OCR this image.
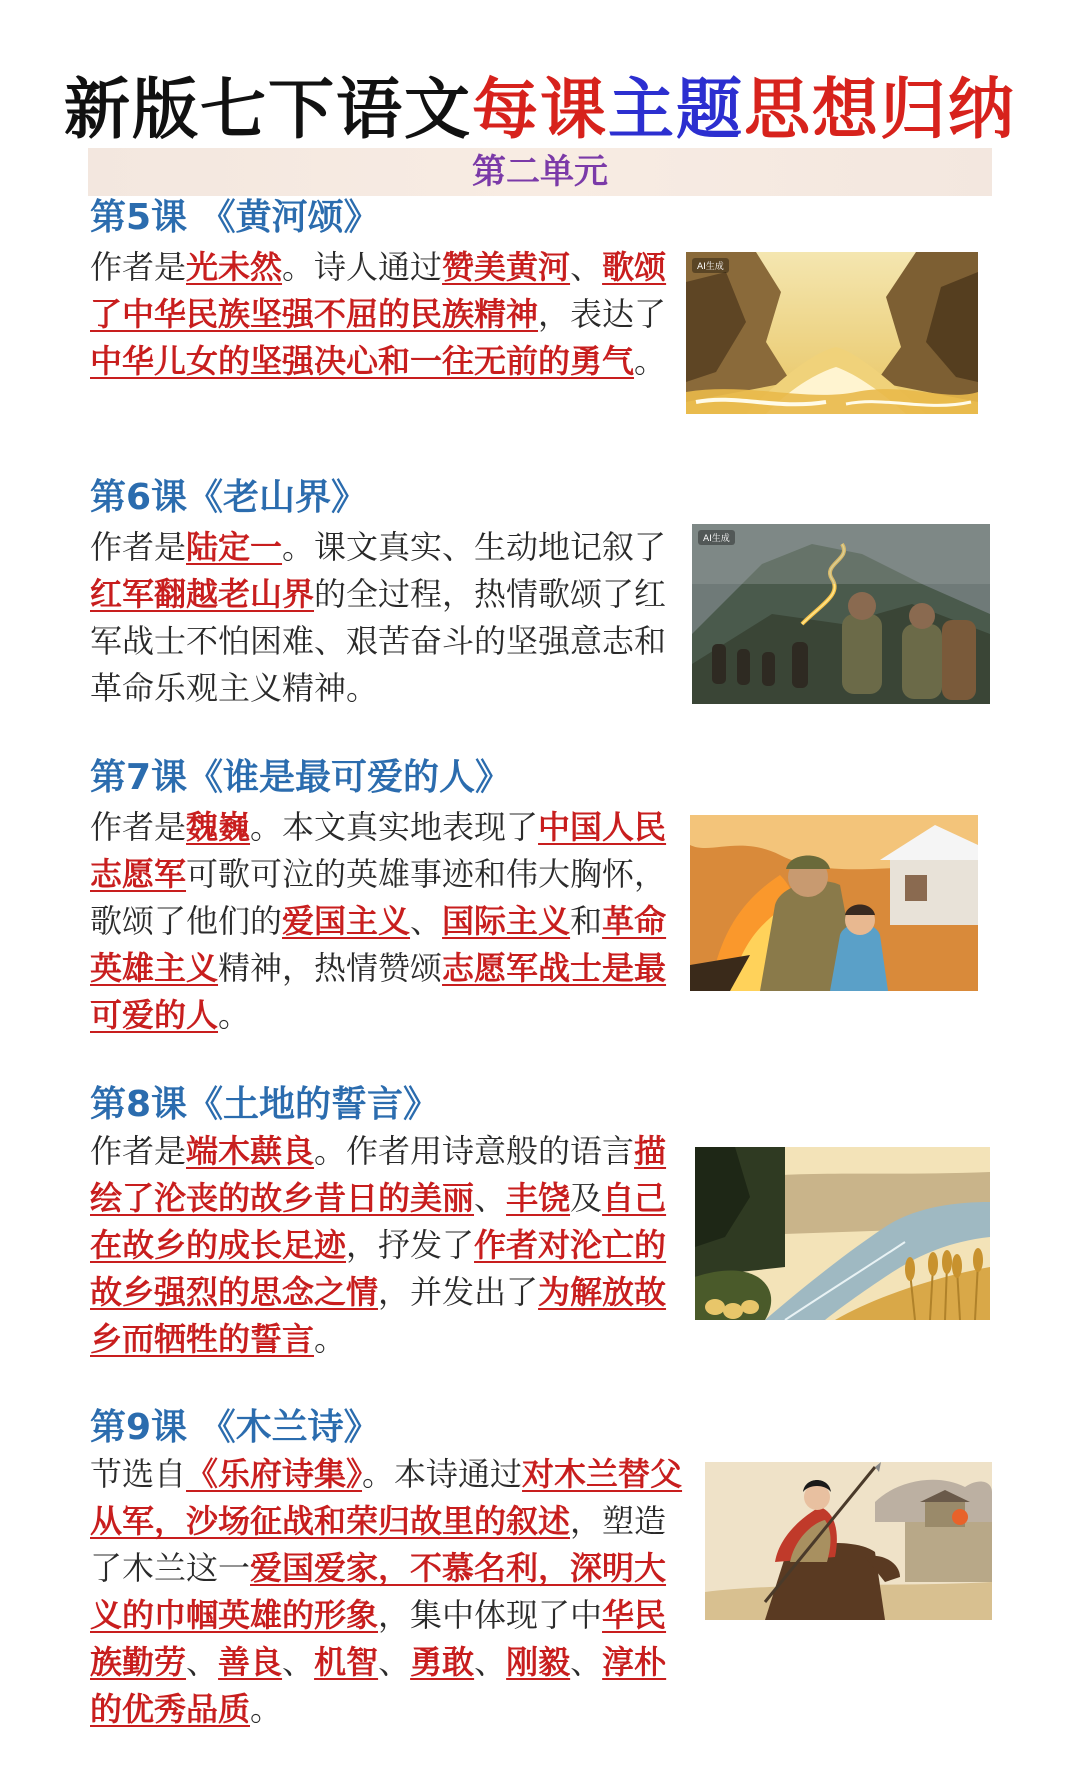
新版七下语文每课主题思想归纳
第二单元
第5课 《黄河颂》
作者是光未然。诗人通过赞美黄河、歌颂了中华民族坚强不屈的民族精神，表达了中华儿女的坚强决心和一往无前的勇气。
AI生成
第6课《老山界》
作者是陆定一。课文真实、生动地记叙了红军翻越老山界的全过程，热情歌颂了红军战士不怕困难、艰苦奋斗的坚强意志和革命乐观主义精神。
AI生成
第7课《谁是最可爱的人》
作者是魏巍。本文真实地表现了中国人民志愿军可歌可泣的英雄事迹和伟大胸怀，歌颂了他们的爱国主义、国际主义和革命英雄主义精神，热情赞颂志愿军战士是最可爱的人。
第8课《土地的誓言》
作者是端木蕻良。作者用诗意般的语言描绘了沦丧的故乡昔日的美丽、丰饶及自己在故乡的成长足迹，抒发了作者对沦亡的故乡强烈的思念之情，并发出了为解放故乡而牺牲的誓言。
第9课 《木兰诗》
节选自《乐府诗集》。本诗通过对木兰替父从军，沙场征战和荣归故里的叙述，塑造了木兰这一爱国爱家，不慕名利，深明大义的巾帼英雄的形象，集中体现了中华民族勤劳、善良、机智、勇敢、刚毅、淳朴的优秀品质。
